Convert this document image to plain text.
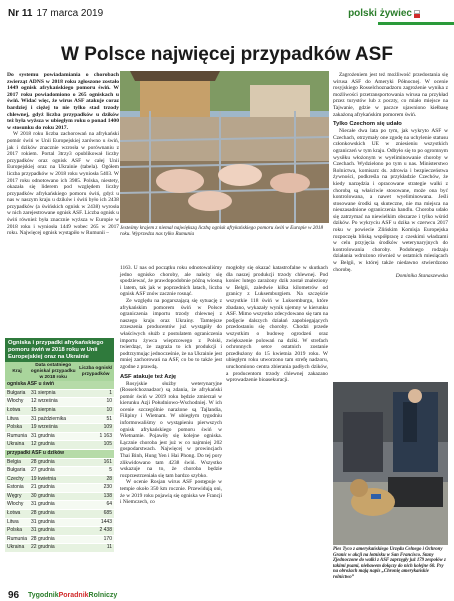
Nr 11 17 marca 2019	polski żywiec
W Polsce najwięcej przypadków ASF

Do systemu powiadamiania o chorobach zwierząt ADNS w 2018 roku zgłoszone zostało 1449 ognisk afrykańskiego pomoru świń. W 2017 roku powiadomiono o 265 ogniskach u świń. Widać więc, że wirus ASF atakuje coraz bardziej i ciężej to nie tylko stad trzody chlewnej, gdyż liczba przypadków u dzików też była wyższa w ubiegłym roku o ponad 1400 w stosunku do roku 2017.

W 2018 roku liczba zachorowań na afrykański pomór świń w Unii Europejskiej zarówno u świń, jak i dzików znacznie wzrosła w porównaniu z 2017 rokiem. Portal 3trzy3 opublikował liczby przypadków oraz ognisk ASF w całej Unii Europejskiej oraz na Ukrainie (tabela). Ogółem liczba przypadków w 2018 roku wyniosła 5403. W 2017 roku odnotowano ich 3985. Polska, niestety, okazała się liderem pod względem liczby przypadków afrykańskiego pomoru świń, gdyż u nas w naszym kraju u dzików i świń było ich 2438 przypadków (a świńskich ognisk w 2438) wyrosła w nich zarejestrowane ognisk ASF. Liczba ognisk u świń również była znacznie wyższa w Europie w 2018 roku i wyniosła 1449 wobec 265 w 2017 roku. Najwięcej ognisk wystąpiło w Rumunii –

Ogniska i przypadki afrykańskiego pomoru świń w 2018 roku w Unii Europejskiej oraz na Ukrainie
Kraj	Data ostatniego ogniska/ przypadku w 2018 roku	Liczba ognisk/ przypadków
ogniska ASF u świń		
Bułgaria	31 sierpnia	1
Włochy	12 września	10
Łotwa	15 sierpnia	10
Litwa	31 października	51
Polska	19 września	109
Rumunia	31 grudnia	1 163
Ukraina	12 grudnia	105
przypadki ASF u dzików		
Belgia	28 grudnia	161
Bułgaria	27 grudnia	5
Czechy	19 kwietnia	28
Estonia	21 grudnia	230
Węgry	30 grudnia	138
Włochy	31 grudnia	64
Łotwa	28 grudnia	685
Litwa	31 grudnia	1443
Polska	31 grudnia	2 438
Rumunia	28 grudnia	170
Ukraina	22 grudnia	11
Jesteśmy krajem z niemal największą liczbą ognisk afrykańskiego pomoru świń w Europie w 2018 roku. Wyprzedza nas tylko Rumunia

1163. U nas od początku roku odnotowaliśmy jedno ognisko choroby, ale należy się spodziewać, że prawdopodobnie późną wiosną i latem, tak jak w poprzednich latach, liczba ognisk ASF znów zacznie rosnąć.

Ze względu na pogarszającą się sytuację z afrykańskim pomorem świń w Polsce ograniczenia importu trzody chlewnej z naszego kraju oraz Ukrainy. Tamtejsze zrzeszenia producentów już wystąpiły do właściwych służb z postulatem ograniczenia importu żywca wieprzowego z Polski, twierdząc, że zagraża to ich produkcji i podtrzymując jednocześnie, że na Ukrainie jest mniej zachorowań na ASF, co bo to także jest zgodne z prawdą.

ASF atakuje też Azję

Rosyjskie służby weterynaryjne (Rosselchoznadzor) są zdania, że afrykański pomór świń w 2019 roku będzie zmierzał w kierunku Azji Południowo-Wschodniej. W ich ocenie szczególnie narażone są Tajlandia, Filipiny i Wietnam. W ubiegłym tygodniu informowaliśmy o wystąpieniu pierwszych ognisk afrykańskiego pomoru świń w Wietnamie. Pojawiły się kolejne ogniska. Łącznie choroba jest już w co najmniej 202 gospodarstwach. Najwięcej w prowincjach Thai Binh, Hung Yen i Hai Phong. Do tej pory zlikwidowano tam 4238 świń. Wszystko wskazuje na to, że choroba będzie rozprzestrzeniała się tam bardzo szybko.

W ocenie Rosjan wirus ASF postępuje w tempie około 350 km rocznie. Przewidują oni, że w 2019 roku pojawią się ogniska we Francji i Niemczech, co

mogłoby się okazać katastrofalne w skutkach dla naszej produkcji trzody chlewnej. Pod koniec lutego zarażony dzik został znaleziony w Belgii, zaledwie kilka kilometrów od granicy z Luksemburgiem. Na szczęście wszystkie 118 świń w Luksemburgu, które zbadano, wykazały wynik ujemny w kierunku ASF. Mimo wszystko zdecydowano się tam na podjęcie dalszych działań zapobiegających przedostaniu się choroby. Chodzi przede wszystkim o budowę ogrodzeń oraz zwiększenie polowań na dziki. W strefach ochronnych setce ostatnich zostanie przedłużony do 15 kwietnia 2019 roku. W ubiegłym roku utworzono tam strefę nadzoru, uruchomiono centra zbierania padłych dzików, a producentom trzody chlewnej zakazano wprowadzenie bioasekuracji.

Zagrożeniem jest też możliwość przedostania się wirusa ASF do Ameryki Północnej. W ocenie rosyjskiego Rosselchoznadzoru zagrożenie wynika z możliwości przetransportowania wirusa na przykład przez turystów lub z poczty, co miało miejsce na Tajwanie, gdzie w paczce ujawniono kiełbasę zakażoną afrykańskim pomorem świń.

Tylko Czechom się udało

Niecałe dwa lata po tym, jak wykryto ASF w Czechach, otrzymały one zgodę na uchylenie statusu członkowskich UE w zniesieniu wszystkich ograniczeń w tym kraju. Odbyło się to po ogromnym wysiłku włożonym w wyeliminowanie choroby w Czechach. Wydzielono po tym u nas. Ministerstwo Rolnictwa, komisarz ds. zdrowia i bezpieczeństwa żywności, podkreśla na przykładzie Czechów, że kiedy narzędzia i opracowane strategie walki z chorobą są właściwie stosowane, może ona być kontrolowana, a nawet wyeliminowana. Jeśli stosowane środki są skuteczne, nie ma miejsca na nieuzasadnione ograniczenia handlu. Choroba udało się zatrzymać na niewielkim obszarze i tylko wśród dzików. Po wykryciu ASF u dzika w czerwcu 2017 roku w powiecie Zlińskim Komisja Europejska rozpoczęła bliską współpracę z czeskimi władzami w celu przyjęcia środków weterynaryjnych do kontrolowania choroby. Podobnego rodzaju działania wdrożono również w ostatnich miesiącach w Belgii, w której także niedawno stwierdzono chorobę.

Dominika Stanaszewska
Pies Tyco z amerykańskiego Urzędu Celnego i Ochrony Granic w akcji na lotnisku w San Francisco. Stany Zjednoczone do walki z ASF zaprzęgły już 179 zespołów z takimi psami, niebawem dołączy do nich kolejne 60. Psy na obrożach mają napis „Chronię amerykańskie rolnictwo”
96 TygodnikPoradnikRolniczy
